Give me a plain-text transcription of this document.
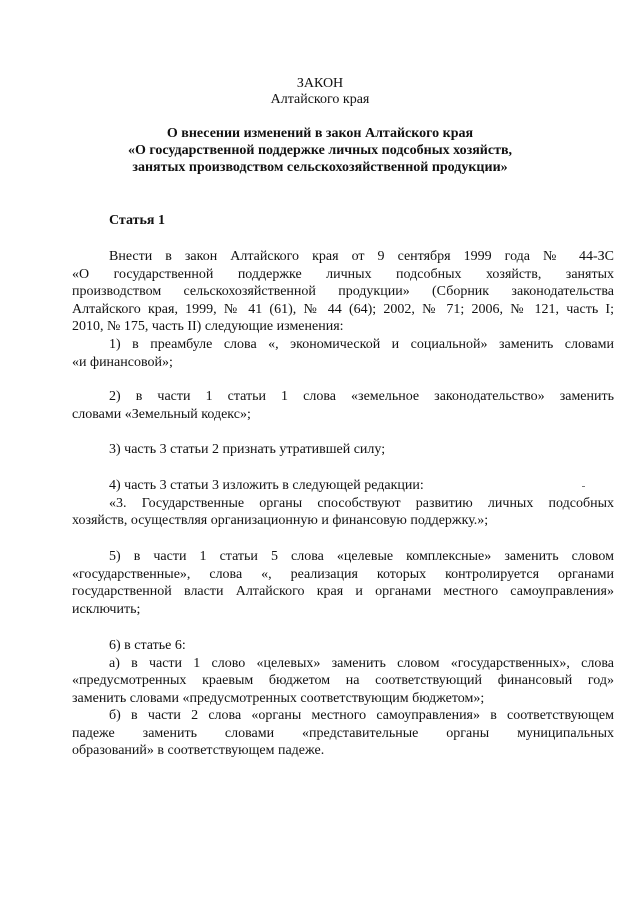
ЗАКОН
Алтайского края
О внесении изменений в закон Алтайского края
«О государственной поддержке личных подсобных хозяйств,
занятых производством сельскохозяйственной продукции»
Статья 1
Внести в закон Алтайского края от 9 сентября 1999 года № 44-ЗС
«О государственной поддержке личных подсобных хозяйств, занятых
производством сельскохозяйственной продукции» (Сборник законодательства
Алтайского края, 1999, № 41 (61), № 44 (64); 2002, № 71; 2006, № 121, часть I;
2010, № 175, часть II) следующие изменения:
1) в преамбуле слова «, экономической и социальной» заменить словами
«и финансовой»;
2) в части 1 статьи 1 слова «земельное законодательство» заменить
словами «Земельный кодекс»;
3) часть 3 статьи 2 признать утратившей силу;
4) часть 3 статьи 3 изложить в следующей редакции:
«3. Государственные органы способствуют развитию личных подсобных
хозяйств, осуществляя организационную и финансовую поддержку.»;
5) в части 1 статьи 5 слова «целевые комплексные» заменить словом
«государственные», слова «, реализация которых контролируется органами
государственной власти Алтайского края и органами местного самоуправления»
исключить;
6) в статье 6:
а) в части 1 слово «целевых» заменить словом «государственных», слова
«предусмотренных краевым бюджетом на соответствующий финансовый год»
заменить словами «предусмотренных соответствующим бюджетом»;
б) в части 2 слова «органы местного самоуправления» в соответствующем
падеже заменить словами «представительные органы муниципальных
образований» в соответствующем падеже.
